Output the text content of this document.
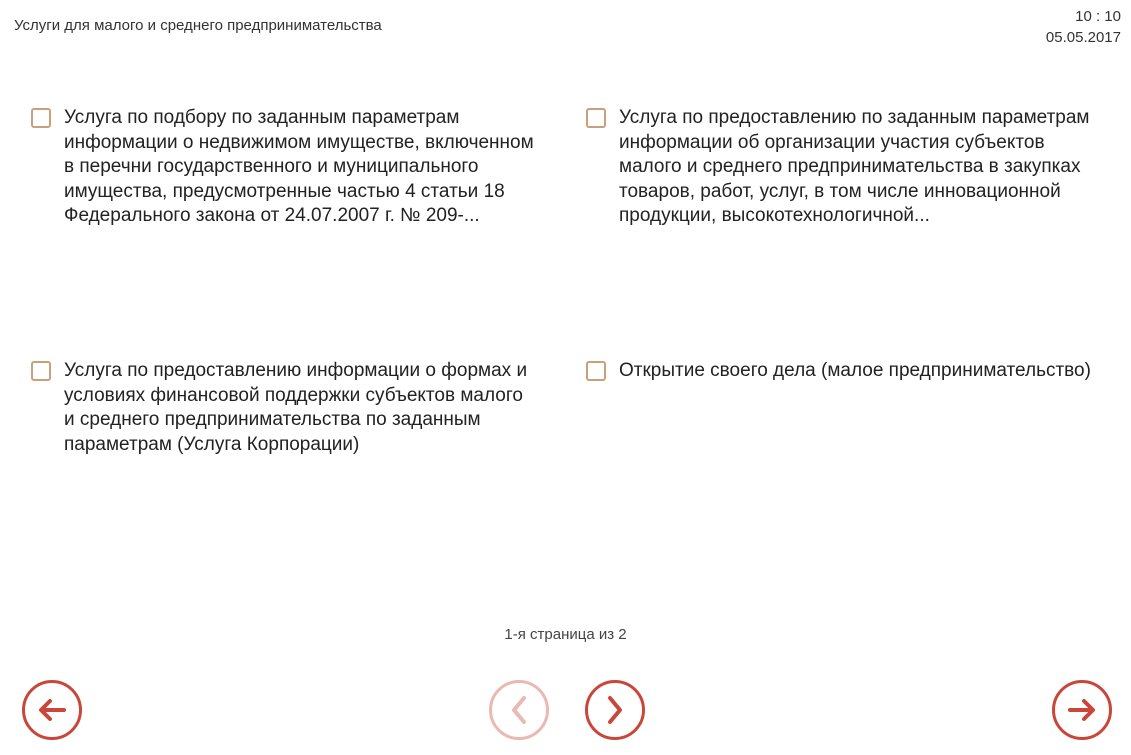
Услуги для малого и среднего предпринимательства
10 : 10
05.05.2017
Услуга по подбору по заданным параметрам информации о недвижимом имуществе, включенном в перечни государственного и муниципального имущества, предусмотренные частью 4 статьи 18 Федерального закона от 24.07.2007 г. № 209-...
Услуга по предоставлению по заданным параметрам информации об организации участия субъектов малого и среднего предпринимательства в закупках товаров, работ, услуг, в том числе инновационной продукции, высокотехнологичной...
Услуга по предоставлению информации о формах и
условиях финансовой поддержки субъектов малого
и среднего предпринимательства по заданным
параметрам (Услуга Корпорации)
Открытие своего дела (малое предпринимательство)
1-я страница из 2
